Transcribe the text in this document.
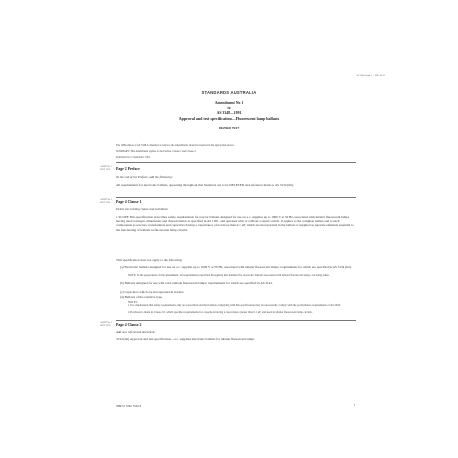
AS 3348 Amdt 1—1991 04 11
STANDARDS AUSTRALIA
Amendment No 1
to
AS 3348—1991
Approval and test specification—Fluorescent lamp ballasts
REVISED TEXT
The 1989 edition of AS 3348 is amended as follows; the amendments should be inserted in the appropriate places.
SUMMARY: This Amendment applies to the Preface, Clause 1 and Clause 2.
Published on 11 September 1991.
AMDT No 1 SEPT 1991	Page 2 Preface
To the end of the Preface, add the following:
All requirements for electronic ballasts, appearing throughout this Standard, are to be DELETED and reference made to AS 3134 (Int).
AMDT No 1 SEPT 1991	Page 4 Clause 1
Delete the existing clause and substitute:
1 SCOPE This specification prescribes safety requirements for reactor ballasts designed for use on a.c. supplies up to 1000 V at 50 Hz, associated with tubular fluorescent lamps having rated wattages, dimensions and characteristics as specified in AS 1201, and operated with or without a starter switch. It applies to the complete ballast and to such components as reactors, transformers and capacitors having a capacitance of not more than 0.1 µF, which are incorporated in the ballast or supplied as separate elements essential to the functioning of ballasts in fluorescent lamp circuits.
This specification does not apply to the following:
(a) Electronic ballasts designed for use on a.c. supplies up to 1000 V at 50 Hz, associated with tubular fluorescent lamps; requirements for which are specified in AS 3134 (Int).
NOTE: In the preparation of this amendment, all requirements prescribed throughout this Standard for electronic ballasts associated with tubular fluorescent lamps, are being taken.
(b) Ballasts designed for use with cold-cathode fluorescent lamps; requirements for which are specified in AS 3142.
(c) Capacitors which are incorporated in starters.
(d) Ballasts of the resistive type.
NOTES:
1 It is emphasized that safety requirements only are prescribed and that ballasts complying with this specification may not necessarily comply with the performance requirements of AS 2643.
2 Provision is made in Clause 10, which specifies requirements for capacitors having a capacitance greater than 0.1 µF, and used in tubular fluorescent lamp circuits.
AMDT No 1 SEPT 1991	Page 4 Clause 2
Add new referenced document:
3134 (Int) Approval and test specification—a.c. supplied electronic ballasts for tubular fluorescent lamps
ISBN 0 7262 7019 6	1
